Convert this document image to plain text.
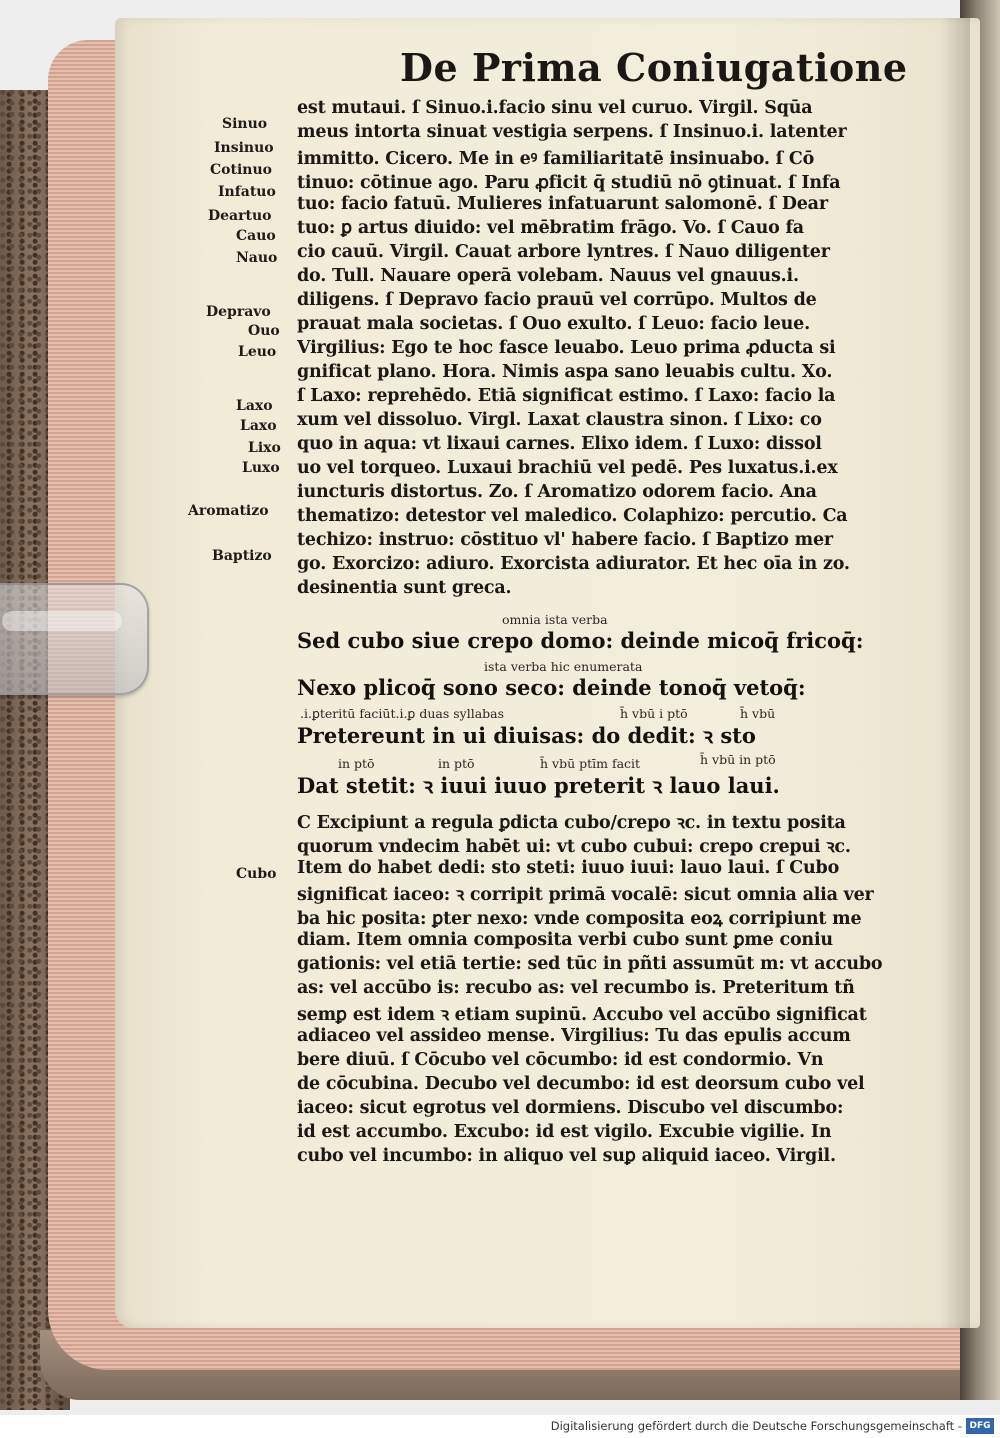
De Prima Coniugatione
Sinuo
Insinuo
Cotinuo
Infatuo
Deartuo
Cauo
Nauo
Depravo
Ouo
Leuo
Laxo
Laxo
Lixo
Luxo
Aromatizo
Baptizo
Cubo
est mutaui. ſ Sinuo.i.facio sinu vel curuo. Virgil. Sqūa
meus intorta sinuat vestigia serpens. ſ Insinuo.i. latenter
immitto. Cicero. Me in eꝰ familiaritatē insinuabo. ſ Cō
tinuo: cōtinue ago. Paru ꝓficit q̄ studiū nō ꝯtinuat. ſ Infa
tuo: facio fatuū. Mulieres infatuarunt salomonē. ſ Dear
tuo: ꝑ artus diuido: vel mēbratim frāgo. Vo. ſ Cauo fa
cio cauū. Virgil. Cauat arbore lyntres. ſ Nauo diligenter
do. Tull. Nauare operā volebam. Nauus vel gnauus.i.
diligens. ſ Depravo facio prauū vel corrūpo. Multos de
prauat mala societas. ſ Ouo exulto. ſ Leuo: facio leue.
Virgilius: Ego te hoc fasce leuabo. Leuo prima ꝓducta si
gnificat plano. Hora. Nimis aspa sano leuabis cultu. Xo.
ſ Laxo: reprehēdo. Etiā significat estimo. ſ Laxo: facio la
xum vel dissoluo. Virgl. Laxat claustra sinon. ſ Lixo: co
quo in aqua: vt lixaui carnes. Elixo idem. ſ Luxo: dissol
uo vel torqueo. Luxaui brachiū vel pedē. Pes luxatus.i.ex
iuncturis distortus. Zo. ſ Aromatizo odorem facio. Ana
thematizo: detestor vel maledico. Colaphizo: percutio. Ca
techizo: instruo: cōstituo vl' habere facio. ſ Baptizo mer
go. Exorcizo: adiuro. Exorcista adiurator. Et hec oīa in zo.
desinentia sunt greca.
omnia ista verba
Sed cubo siue crepo domo: deinde micoq̄ fricoq̄:
ista verba hic enumerata
Nexo plicoq̄ sono seco: deinde tonoq̄ vetoq̄:
.i.ꝑteritū faciūt.i.ꝑ duas syllabas	h̄ vbū i ptō	h̄ vbū
Pretereunt in ui diuisas: do dedit: ꝛ sto
in ptō	in ptō	h̄ vbū ptīm facit	h̄ vbū in ptō
Dat stetit: ꝛ iuui iuuo preterit ꝛ lauo laui.
C Excipiunt a regula ꝑdicta cubo/crepo ꝛc. in textu posita
quorum vndecim habēt ui: vt cubo cubui: crepo crepui ꝛc.
Item do habet dedi: sto steti: iuuo iuui: lauo laui. ſ Cubo
significat iaceo: ꝛ corripit primā vocalē: sicut omnia alia ver
ba hic posita: ꝑter nexo: vnde composita eoꝝ corripiunt me
diam. Item omnia composita verbi cubo sunt ꝑme coniu
gationis: vel etiā tertie: sed tūc in pñti assumūt m: vt accubo
as: vel accūbo is: recubo as: vel recumbo is. Preteritum tñ
semꝑ est idem ꝛ etiam supinū. Accubo vel accūbo significat
adiaceo vel assideo mense. Virgilius: Tu das epulis accum
bere diuū. ſ Cōcubo vel cōcumbo: id est condormio. Vn
de cōcubina. Decubo vel decumbo: id est deorsum cubo vel
iaceo: sicut egrotus vel dormiens. Discubo vel discumbo:
id est accumbo. Excubo: id est vigilo. Excubie vigilie. In
cubo vel incumbo: in aliquo vel suꝑ aliquid iaceo. Virgil.
Digitalisierung gefördert durch die Deutsche Forschungsgemeinschaft - DFG
